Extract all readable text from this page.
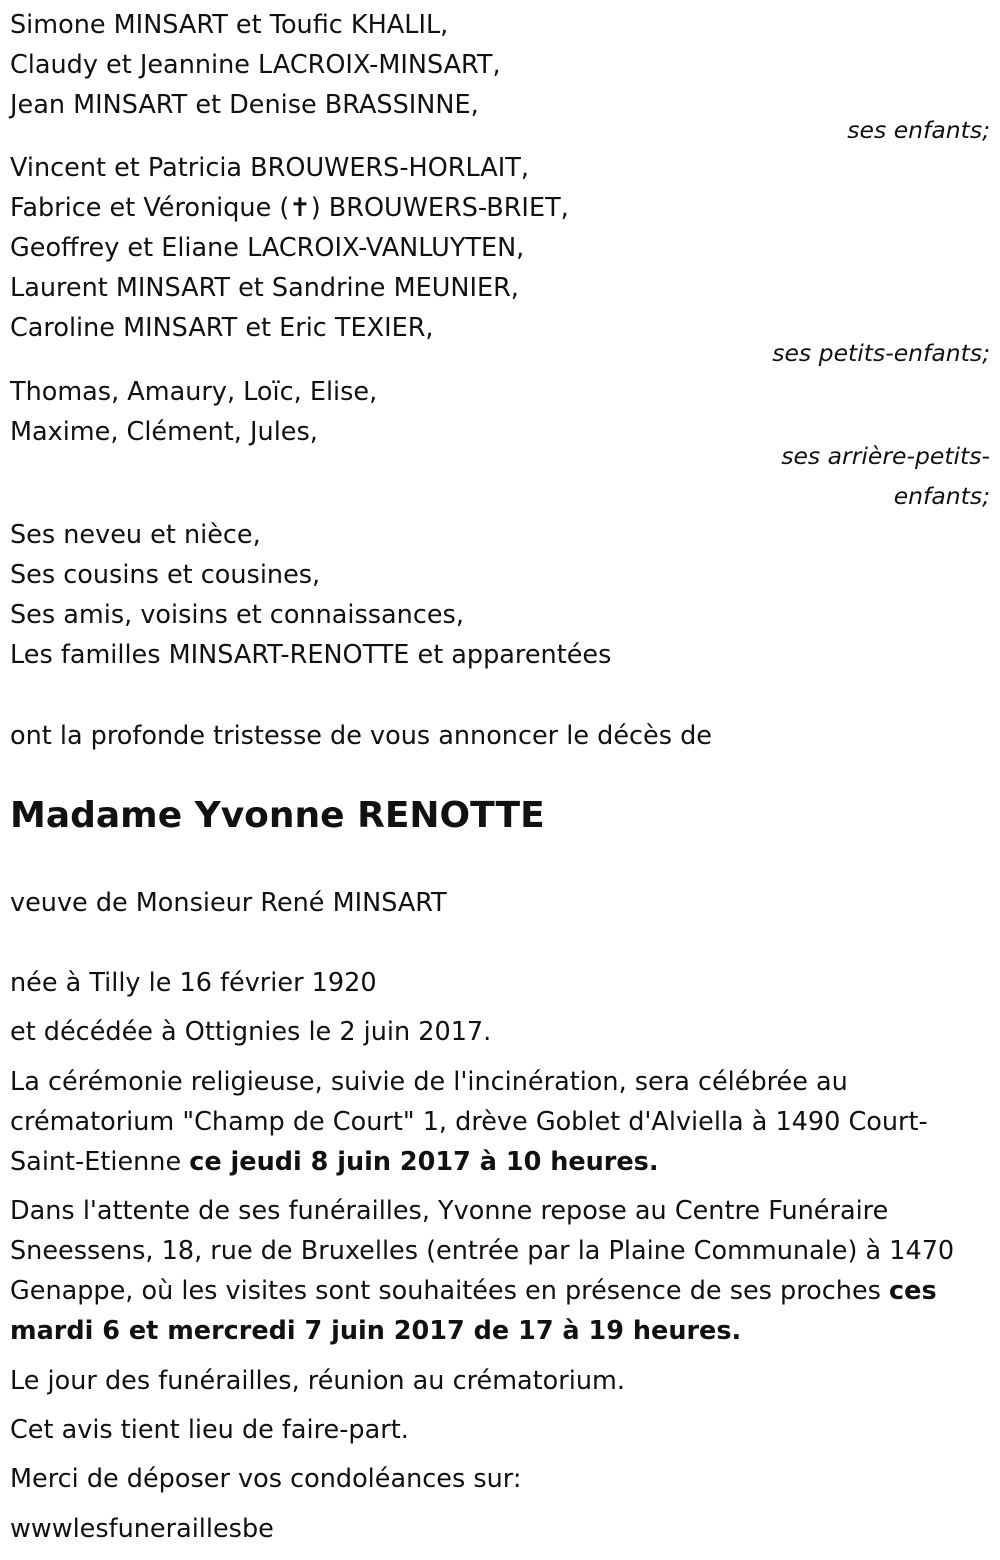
Simone MINSART et Toufic KHALIL,
Claudy et Jeannine LACROIX-MINSART,
Jean MINSART et Denise BRASSINNE,
ses enfants;
Vincent et Patricia BROUWERS-HORLAIT,
Fabrice et Véronique (✝) BROUWERS-BRIET,
Geoffrey et Eliane LACROIX-VANLUYTEN,
Laurent MINSART et Sandrine MEUNIER,
Caroline MINSART et Eric TEXIER,
ses petits-enfants;
Thomas, Amaury, Loïc, Elise,
Maxime, Clément, Jules,
ses arrière-petits-
enfants;
Ses neveu et nièce,
Ses cousins et cousines,
Ses amis, voisins et connaissances,
Les familles MINSART-RENOTTE et apparentées
ont la profonde tristesse de vous annoncer le décès de
Madame Yvonne RENOTTE
veuve de Monsieur René MINSART
née à Tilly le 16 février 1920
et décédée à Ottignies le 2 juin 2017.
La cérémonie religieuse, suivie de l'incinération, sera célébrée au crématorium "Champ de Court" 1, drève Goblet d'Alviella à 1490 Court-Saint-Etienne ce jeudi 8 juin 2017 à 10 heures.
Dans l'attente de ses funérailles, Yvonne repose au Centre Funéraire Sneessens, 18, rue de Bruxelles (entrée par la Plaine Communale) à 1470 Genappe, où les visites sont souhaitées en présence de ses proches ces mardi 6 et mercredi 7 juin 2017 de 17 à 19 heures.
Le jour des funérailles, réunion au crématorium.
Cet avis tient lieu de faire-part.
Merci de déposer vos condoléances sur:
wwwlesfuneraillesbe
